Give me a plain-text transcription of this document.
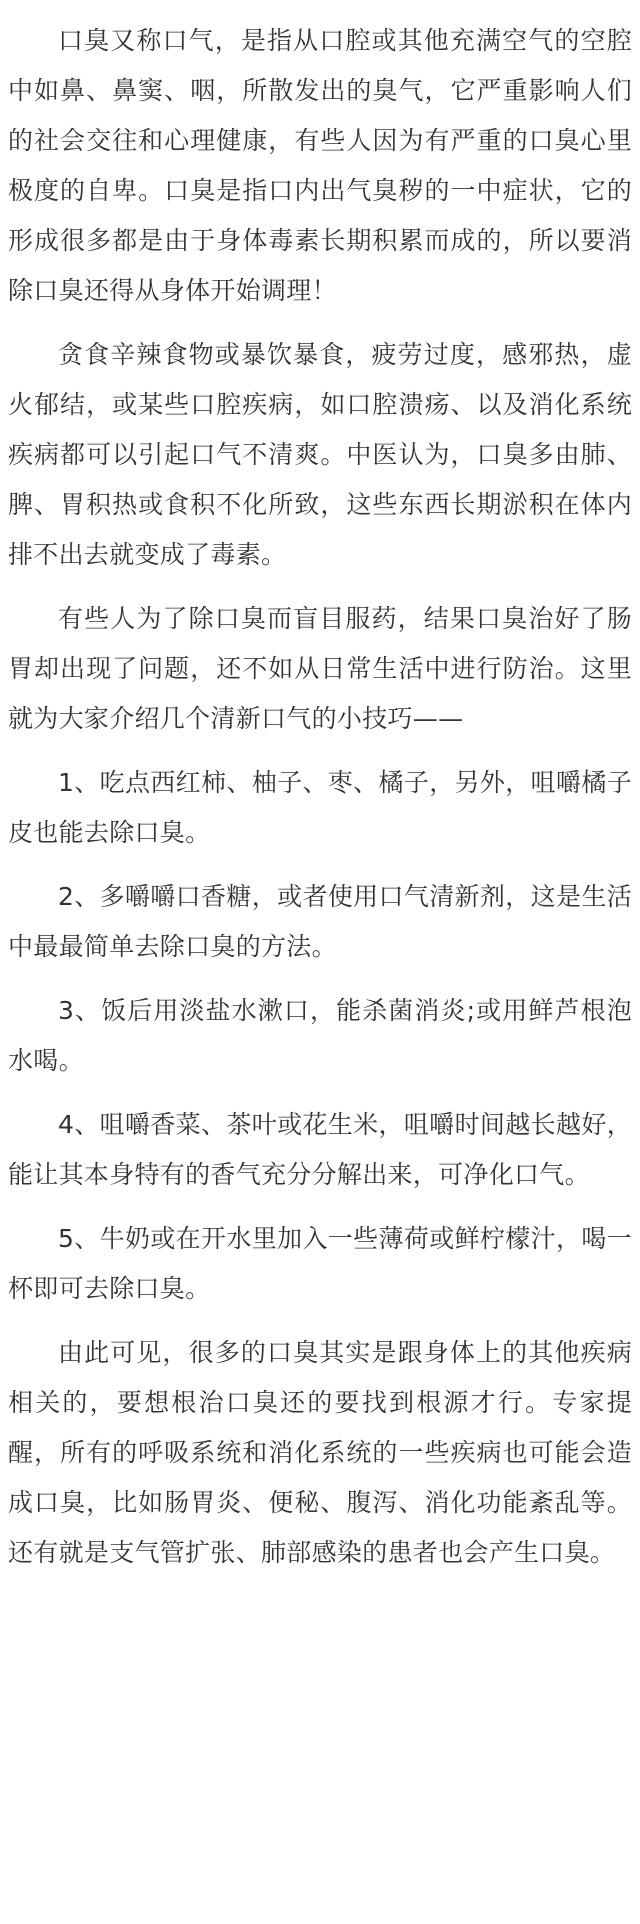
口臭又称口气，是指从口腔或其他充满空气的空腔中如鼻、鼻窦、咽，所散发出的臭气，它严重影响人们的社会交往和心理健康，有些人因为有严重的口臭心里极度的自卑。口臭是指口内出气臭秽的一中症状，它的形成很多都是由于身体毒素长期积累而成的，所以要消除口臭还得从身体开始调理！

贪食辛辣食物或暴饮暴食，疲劳过度，感邪热，虚火郁结，或某些口腔疾病，如口腔溃疡、以及消化系统疾病都可以引起口气不清爽。中医认为，口臭多由肺、脾、胃积热或食积不化所致，这些东西长期淤积在体内排不出去就变成了毒素。

有些人为了除口臭而盲目服药，结果口臭治好了肠胃却出现了问题，还不如从日常生活中进行防治。这里就为大家介绍几个清新口气的小技巧——

1、吃点西红柿、柚子、枣、橘子，另外，咀嚼橘子皮也能去除口臭。

2、多嚼嚼口香糖，或者使用口气清新剂，这是生活中最最简单去除口臭的方法。

3、饭后用淡盐水漱口，能杀菌消炎;或用鲜芦根泡水喝。

4、咀嚼香菜、茶叶或花生米，咀嚼时间越长越好，能让其本身特有的香气充分分解出来，可净化口气。

5、牛奶或在开水里加入一些薄荷或鲜柠檬汁，喝一杯即可去除口臭。

由此可见，很多的口臭其实是跟身体上的其他疾病相关的，要想根治口臭还的要找到根源才行。专家提醒，所有的呼吸系统和消化系统的一些疾病也可能会造成口臭，比如肠胃炎、便秘、腹泻、消化功能紊乱等。还有就是支气管扩张、肺部感染的患者也会产生口臭。
